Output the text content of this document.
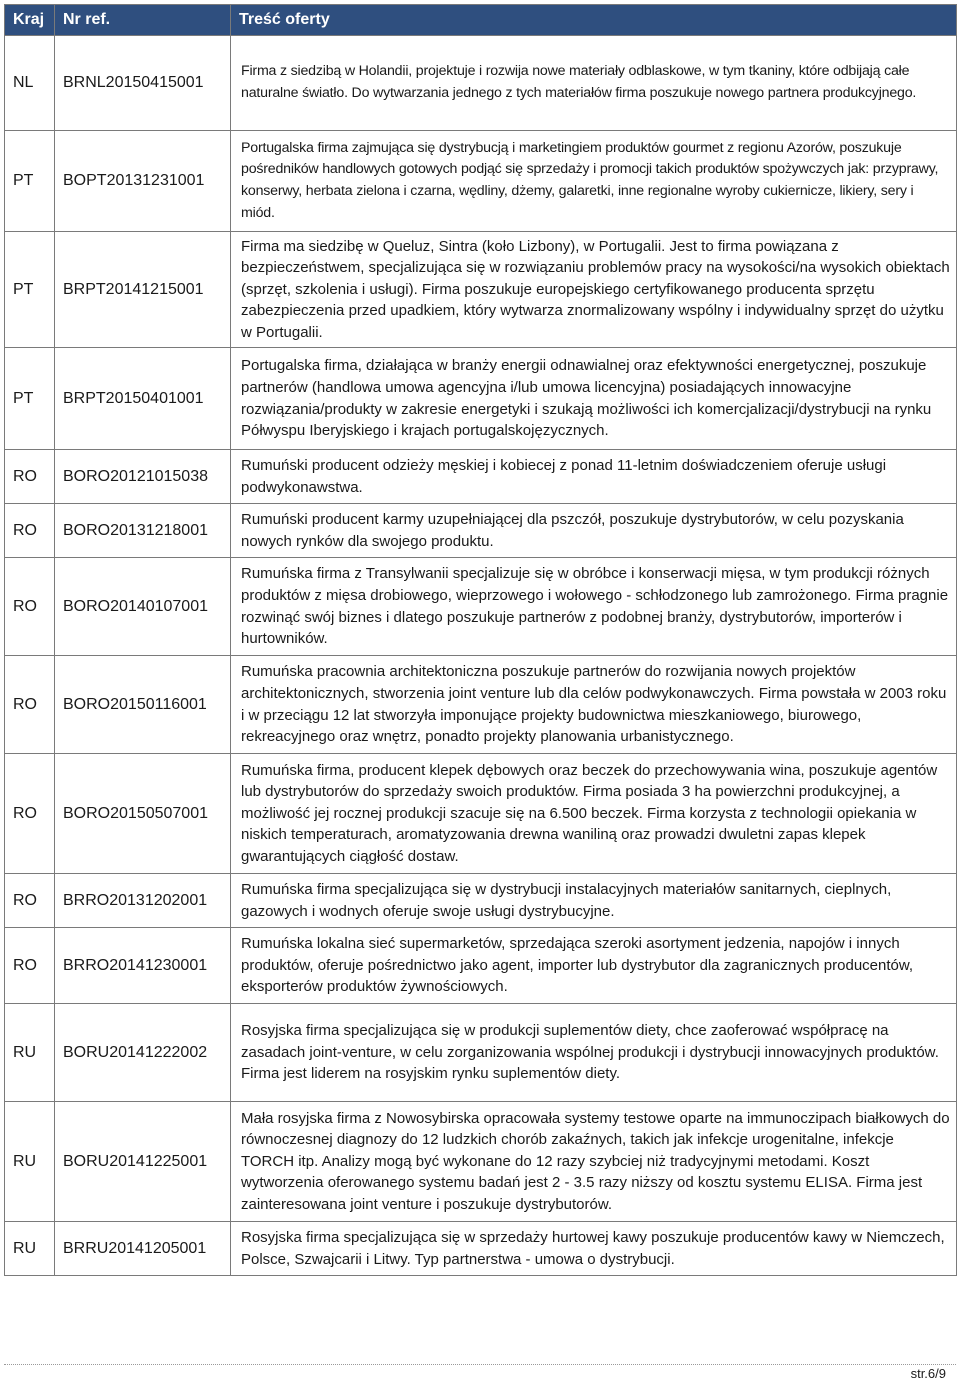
Kraj	Nr ref.	Treść oferty
NL	BRNL20150415001	Firma z siedzibą w Holandii, projektuje i rozwija nowe materiały odblaskowe, w tym tkaniny, które odbijają całe naturalne światło. Do wytwarzania jednego z tych materiałów firma poszukuje nowego partnera produkcyjnego.

PT	BOPT20131231001	Portugalska firma zajmująca się dystrybucją i marketingiem produktów gourmet z regionu Azorów, poszukuje pośredników handlowych gotowych podjąć się sprzedaży i promocji takich produktów spożywczych jak: przyprawy, konserwy, herbata zielona i czarna, wędliny, dżemy, galaretki, inne regionalne wyroby cukiernicze, likiery, sery i miód.

PT	BRPT20141215001	Firma ma siedzibę w Queluz, Sintra (koło Lizbony), w Portugalii. Jest to firma powiązana z bezpieczeństwem, specjalizująca się w rozwiązaniu problemów pracy na wysokości/na wysokich obiektach (sprzęt, szkolenia i usługi). Firma poszukuje europejskiego certyfikowanego producenta sprzętu zabezpieczenia przed upadkiem, który wytwarza znormalizowany wspólny i indywidualny sprzęt do użytku w Portugalii.

PT	BRPT20150401001	Portugalska firma, działająca w branży energii odnawialnej oraz efektywności energetycznej, poszukuje partnerów (handlowa umowa agencyjna i/lub umowa licencyjna) posiadających innowacyjne rozwiązania/produkty w zakresie energetyki i szukają możliwości ich komercjalizacji/dystrybucji na rynku Półwyspu Iberyjskiego i krajach portugalskojęzycznych.

RO	BORO20121015038	Rumuński producent odzieży męskiej i kobiecej z ponad 11-letnim doświadczeniem oferuje usługi podwykonawstwa.

RO	BORO20131218001	Rumuński producent karmy uzupełniającej dla pszczół, poszukuje dystrybutorów, w celu pozyskania nowych rynków dla swojego produktu.

RO	BORO20140107001	Rumuńska firma z Transylwanii specjalizuje się w obróbce i konserwacji mięsa, w tym produkcji różnych produktów z mięsa drobiowego, wieprzowego i wołowego - schłodzonego lub zamrożonego. Firma pragnie rozwinąć swój biznes i dlatego poszukuje partnerów z podobnej branży, dystrybutorów, importerów i hurtowników.

RO	BORO20150116001	Rumuńska pracownia architektoniczna poszukuje partnerów do rozwijania nowych projektów architektonicznych, stworzenia joint venture lub dla celów podwykonawczych. Firma powstała w 2003 roku i w przeciągu 12 lat stworzyła imponujące projekty budownictwa mieszkaniowego, biurowego, rekreacyjnego oraz wnętrz, ponadto projekty planowania urbanistycznego.

RO	BORO20150507001	Rumuńska firma, producent klepek dębowych oraz beczek do przechowywania wina, poszukuje agentów lub dystrybutorów do sprzedaży swoich produktów. Firma posiada 3 ha powierzchni produkcyjnej, a możliwość jej rocznej produkcji szacuje się na 6.500 beczek. Firma korzysta z technologii opiekania w niskich temperaturach, aromatyzowania drewna waniliną oraz prowadzi dwuletni zapas klepek gwarantujących ciągłość dostaw.

RO	BRRO20131202001	Rumuńska firma specjalizująca się w dystrybucji instalacyjnych materiałów sanitarnych, cieplnych, gazowych i wodnych oferuje swoje usługi dystrybucyjne.

RO	BRRO20141230001	Rumuńska lokalna sieć supermarketów, sprzedająca szeroki asortyment jedzenia, napojów i innych produktów, oferuje pośrednictwo jako agent, importer lub dystrybutor dla zagranicznych producentów, eksporterów produktów żywnościowych.

RU	BORU20141222002	Rosyjska firma specjalizująca się w produkcji suplementów diety, chce zaoferować współpracę na zasadach joint-venture, w celu zorganizowania wspólnej produkcji i dystrybucji innowacyjnych produktów.
Firma jest liderem na rosyjskim rynku suplementów diety.

RU	BORU20141225001	Mała rosyjska firma z Nowosybirska opracowała systemy testowe oparte na immunoczipach białkowych do równoczesnej diagnozy do 12 ludzkich chorób zakaźnych, takich jak infekcje urogenitalne, infekcje TORCH itp. Analizy mogą być wykonane do 12 razy szybciej niż tradycyjnymi metodami. Koszt wytworzenia oferowanego systemu badań jest 2 - 3.5 razy niższy od kosztu systemu ELISA. Firma jest zainteresowana joint venture i poszukuje dystrybutorów.

RU	BRRU20141205001	Rosyjska firma specjalizująca się w sprzedaży hurtowej kawy poszukuje producentów kawy w Niemczech, Polsce, Szwajcarii i Litwy. Typ partnerstwa - umowa o dystrybucji.
str.6/9
